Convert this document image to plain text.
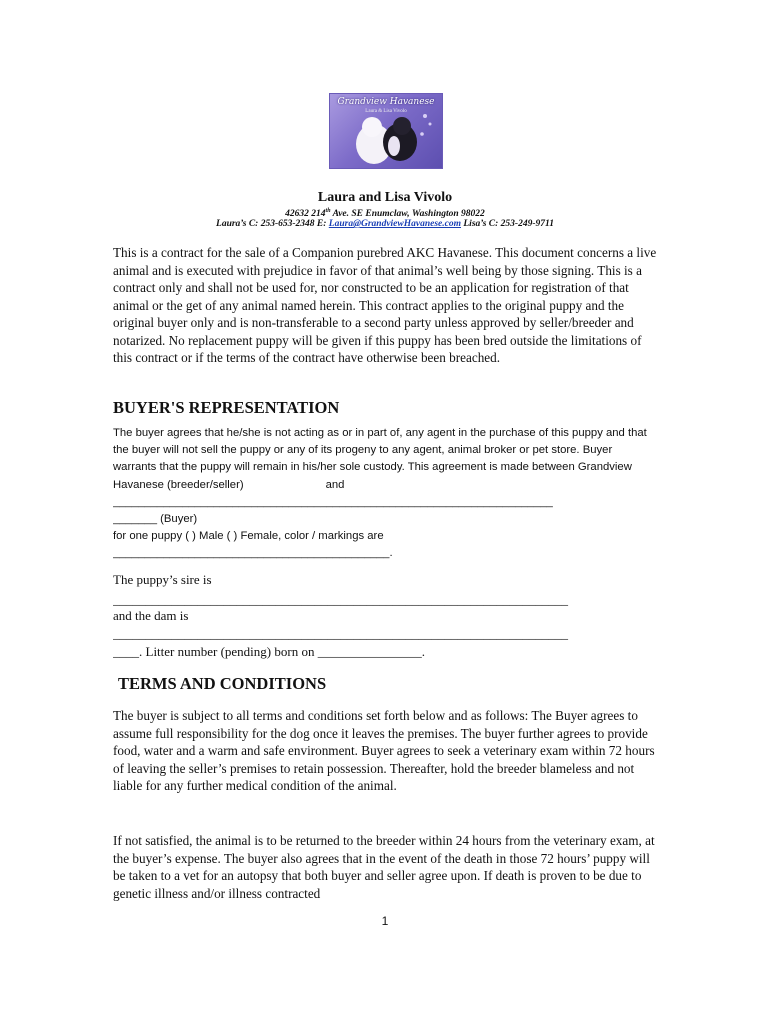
Grandview Havanese
Laura & Lisa Vivolo
Laura and Lisa Vivolo
42632 214th Ave. SE Enumclaw, Washington 98022
Laura’s C: 253-653-2348 E: Laura@GrandviewHavanese.com Lisa’s C: 253-249-9711

This is a contract for the sale of a Companion purebred AKC Havanese. This document concerns a live animal and is executed with prejudice in favor of that animal’s well being by those signing. This is a contract only and shall not be used for, nor constructed to be an application for registration of that animal or the get of any animal named herein. This contract applies to the original puppy and the original buyer only and is non-transferable to a second party unless approved by seller/breeder and notarized. No replacement puppy will be given if this puppy has been bred outside the limitations of this contract or if the terms of the contract have otherwise been breached.

BUYER'S REPRESENTATION

The buyer agrees that he/she is not acting as or in part of, any agent in the purchase of this puppy and that the buyer will not sell the puppy or any of its progeny to any agent, animal broker or pet store. Buyer warrants that the puppy will remain in his/her sole custody. This agreement is made between Grandview Havanese (breeder/seller)	and

______________________________________________________________________
_______ (Buyer)
for one puppy ( ) Male ( ) Female, color / markings are
____________________________________________.
The puppy’s sire is
______________________________________________________________________
and the dam is
______________________________________________________________________
____. Litter number (pending) born on ________________.
TERMS AND CONDITIONS

The buyer is subject to all terms and conditions set forth below and as follows: The Buyer agrees to assume full responsibility for the dog once it leaves the premises. The buyer further agrees to provide food, water and a warm and safe environment. Buyer agrees to seek a veterinary exam within 72 hours of leaving the seller’s premises to retain possession. Thereafter, hold the breeder blameless and not liable for any further medical condition of the animal.

If not satisfied, the animal is to be returned to the breeder within 24 hours from the veterinary exam, at the buyer’s expense. The buyer also agrees that in the event of the death in those 72 hours’ puppy will be taken to a vet for an autopsy that both buyer and seller agree upon. If death is proven to be due to genetic illness and/or illness contracted

1
